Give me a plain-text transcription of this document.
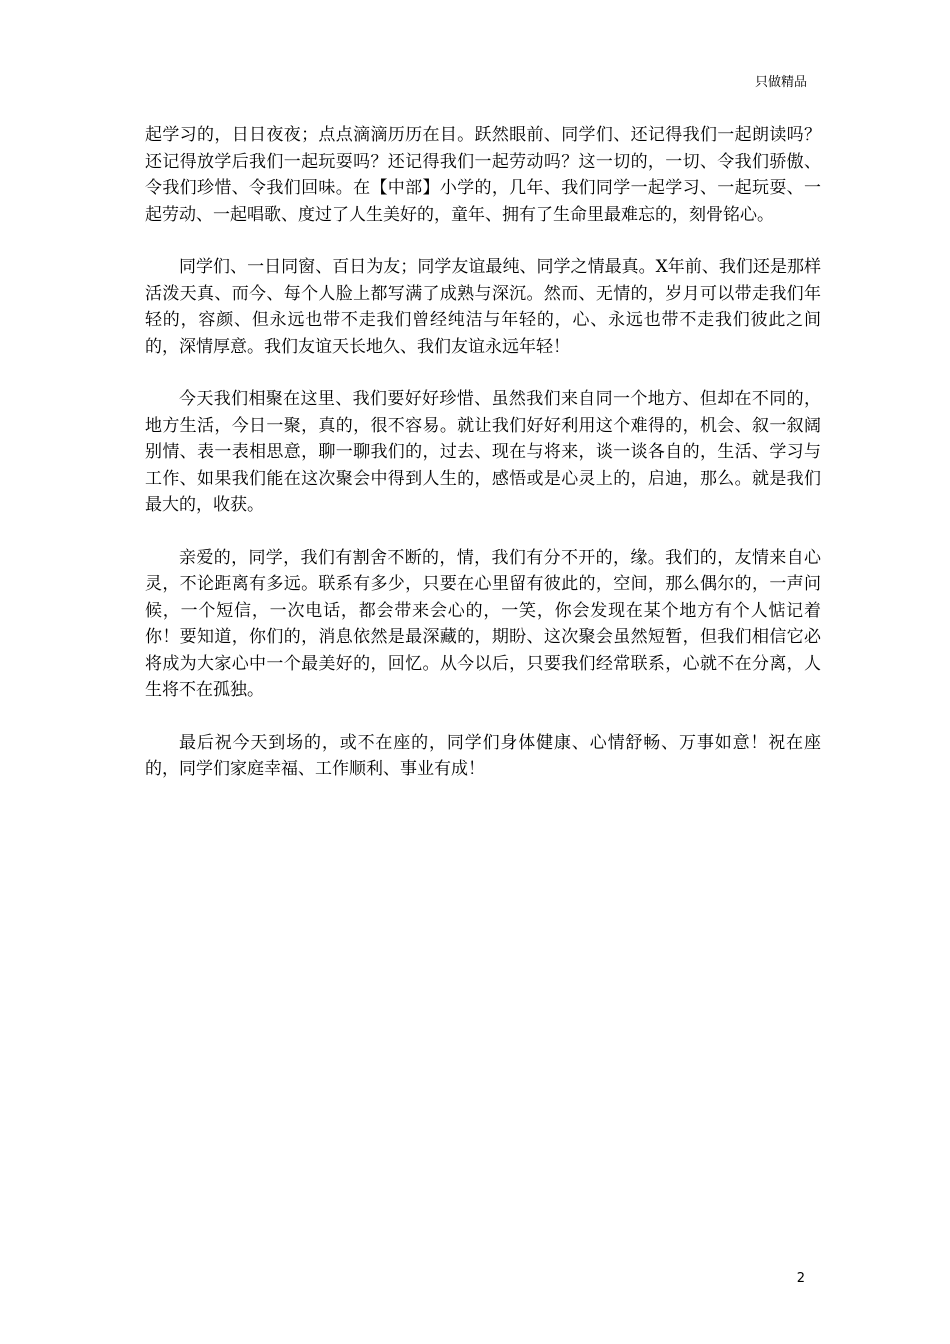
只做精品

起学习的，日日夜夜；点点滴滴历历在目。跃然眼前、同学们、还记得我们一起朗读吗？还记得放学后我们一起玩耍吗？还记得我们一起劳动吗？这一切的，一切、令我们骄傲、令我们珍惜、令我们回味。在【中部】小学的，几年、我们同学一起学习、一起玩耍、一起劳动、一起唱歌、度过了人生美好的，童年、拥有了生命里最难忘的，刻骨铭心。

同学们、一日同窗、百日为友；同学友谊最纯、同学之情最真。X年前、我们还是那样活泼天真、而今、每个人脸上都写满了成熟与深沉。然而、无情的，岁月可以带走我们年轻的，容颜、但永远也带不走我们曾经纯洁与年轻的，心、永远也带不走我们彼此之间的，深情厚意。我们友谊天长地久、我们友谊永远年轻！

今天我们相聚在这里、我们要好好珍惜、虽然我们来自同一个地方、但却在不同的，地方生活，今日一聚，真的，很不容易。就让我们好好利用这个难得的，机会、叙一叙阔别情、表一表相思意，聊一聊我们的，过去、现在与将来，谈一谈各自的，生活、学习与工作、如果我们能在这次聚会中得到人生的，感悟或是心灵上的，启迪，那么。就是我们最大的，收获。

亲爱的，同学，我们有割舍不断的，情，我们有分不开的，缘。我们的，友情来自心灵，不论距离有多远。联系有多少，只要在心里留有彼此的，空间，那么偶尔的，一声问候，一个短信，一次电话，都会带来会心的，一笑，你会发现在某个地方有个人惦记着你！要知道，你们的，消息依然是最深藏的，期盼、这次聚会虽然短暂，但我们相信它必将成为大家心中一个最美好的，回忆。从今以后，只要我们经常联系，心就不在分离，人生将不在孤独。

最后祝今天到场的，或不在座的，同学们身体健康、心情舒畅、万事如意！祝在座的，同学们家庭幸福、工作顺利、事业有成！

2
